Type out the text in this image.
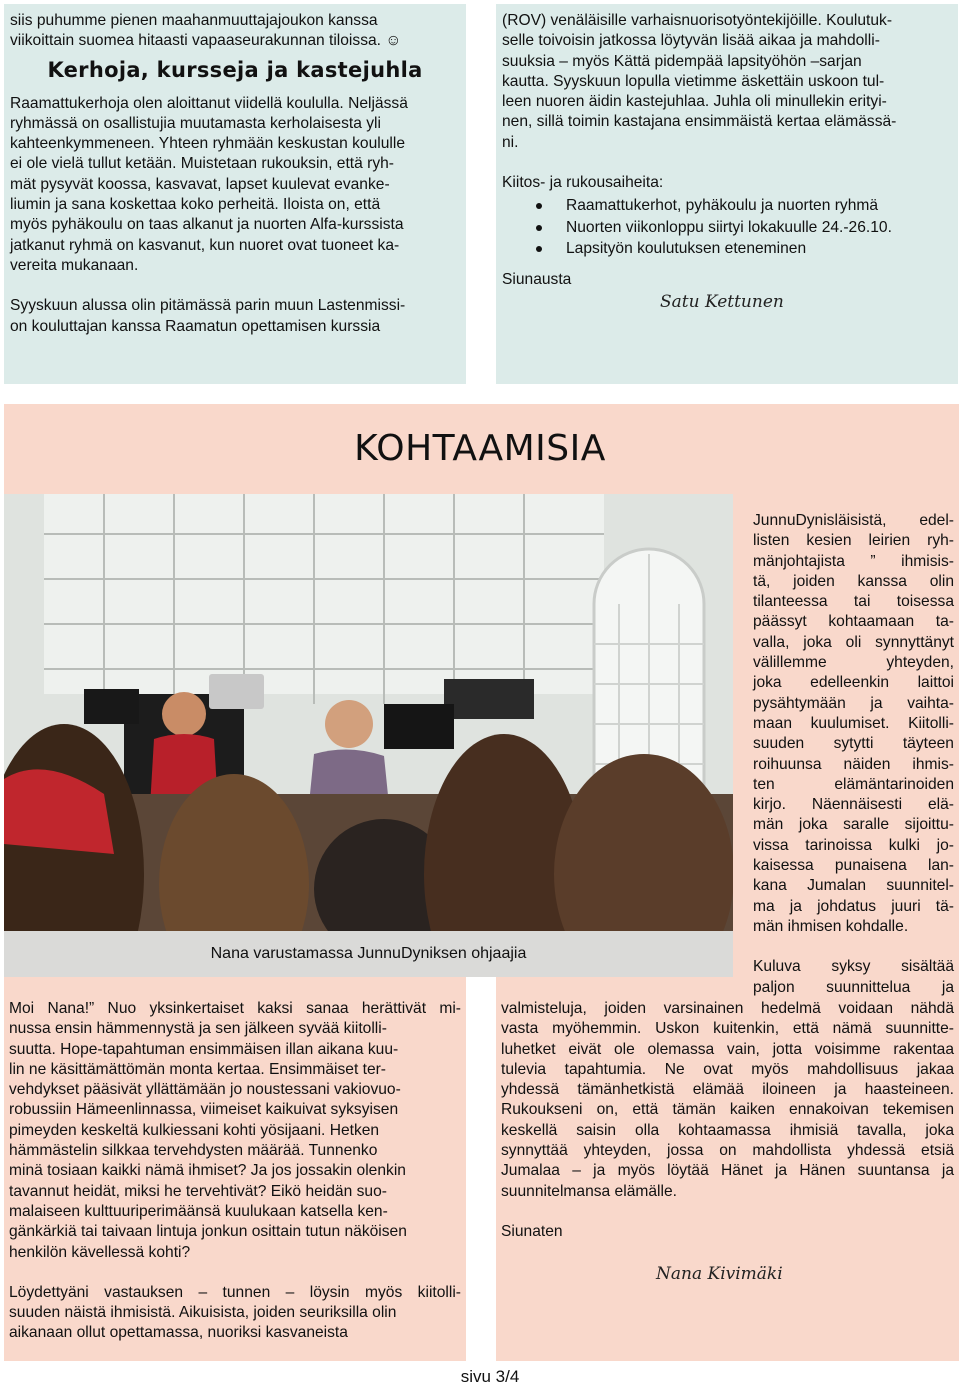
siis puhumme pienen maahanmuuttajajoukon kanssa

viikoittain suomea hitaasti vapaaseurakunnan tiloissa. ☺

Kerhoja, kursseja ja kastejuhla

Raamattukerhoja olen aloittanut viidellä koululla. Neljässä

ryhmässä on osallistujia muutamasta kerholaisesta yli

kahteenkymmeneen. Yhteen ryhmään keskustan koululle

ei ole vielä tullut ketään. Muistetaan rukouksin, että ryh-

mät pysyvät koossa, kasvavat, lapset kuulevat evanke-

liumin ja sana koskettaa koko perheitä. Iloista on, että

myös pyhäkoulu on taas alkanut ja nuorten Alfa-kurssista

jatkanut ryhmä on kasvanut, kun nuoret ovat tuoneet ka-

vereita mukanaan.

Syyskuun alussa olin pitämässä parin muun Lastenmissi-

on kouluttajan kanssa Raamatun opettamisen kurssia

(ROV) venäläisille varhaisnuorisotyöntekijöille. Koulutuk-

selle toivoisin jatkossa löytyvän lisää aikaa ja mahdolli-

suuksia – myös Kättä pidempää lapsityöhön –sarjan

kautta. Syyskuun lopulla vietimme äskettäin uskoon tul-

leen nuoren äidin kastejuhlaa. Juhla oli minullekin erityi-

nen, sillä toimin kastajana ensimmäistä kertaa elämässä-

ni.

Kiitos- ja rukousaiheita:

Raamattukerhot, pyhäkoulu ja nuorten ryhmä
Nuorten viikonloppu siirtyi lokakuulle 24.-26.10.
Lapsityön koulutuksen eteneminen

Siunausta

Satu Kettunen
KOHTAAMISIA
Nana varustamassa JunnuDyniksen ohjaajia

JunnuDynisläisistä, edel-

listen kesien leirien ryh-

mänjohtajista ” ihmisis-

tä, joiden kanssa olin

tilanteessa tai toisessa

päässyt kohtaamaan ta-

valla, joka oli synnyttänyt

välillemme yhteyden,

joka edelleenkin laittoi

pysähtymään ja vaihta-

maan kuulumiset. Kiitolli-

suuden sytytti täyteen

roihuunsa näiden ihmis-

ten elämäntarinoiden

kirjo. Näennäisesti elä-

män joka saralle sijoittu-

vissa tarinoissa kulki jo-

kaisessa punaisena lan-

kana Jumalan suunnitel-

ma ja johdatus juuri tä-

män ihmisen kohdalle.

Kuluva syksy sisältää

paljon suunnittelua ja

valmisteluja, joiden varsinainen hedelmä voidaan nähdä

vasta myöhemmin. Uskon kuitenkin, että nämä suunnitte-

luhetket eivät ole olemassa vain, jotta voisimme rakentaa

tulevia tapahtumia. Ne ovat myös mahdollisuus jakaa

yhdessä tämänhetkistä elämää iloineen ja haasteineen.

Rukoukseni on, että tämän kaiken ennakoivan tekemisen

keskellä saisin olla kohtaamassa ihmisiä tavalla, joka

synnyttää yhteyden, jossa on mahdollista yhdessä etsiä

Jumalaa – ja myös löytää Hänet ja Hänen suuntansa ja

suunnitelmansa elämälle.

Siunaten

Nana Kivimäki

Moi Nana!” Nuo yksinkertaiset kaksi sanaa herättivät mi-

nussa ensin hämmennystä ja sen jälkeen syvää kiitolli-

suutta. Hope-tapahtuman ensimmäisen illan aikana kuu-

lin ne käsittämättömän monta kertaa. Ensimmäiset ter-

vehdykset pääsivät yllättämään jo noustessani vakiovuo-

robussiin Hämeenlinnassa, viimeiset kaikuivat syksyisen

pimeyden keskeltä kulkiessani kohti yösijaani. Hetken

hämmästelin silkkaa tervehdysten määrää. Tunnenko

minä tosiaan kaikki nämä ihmiset? Ja jos jossakin olenkin

tavannut heidät, miksi he tervehtivät? Eikö heidän suo-

malaiseen kulttuuriperimäänsä kuulukaan katsella ken-

gänkärkiä tai taivaan lintuja jonkun osittain tutun näköisen

henkilön kävellessä kohti?

Löydettyäni vastauksen – tunnen – löysin myös kiitolli-

suuden näistä ihmisistä. Aikuisista, joiden seuriksilla olin

aikanaan ollut opettamassa, nuoriksi kasvaneista

sivu 3/4
